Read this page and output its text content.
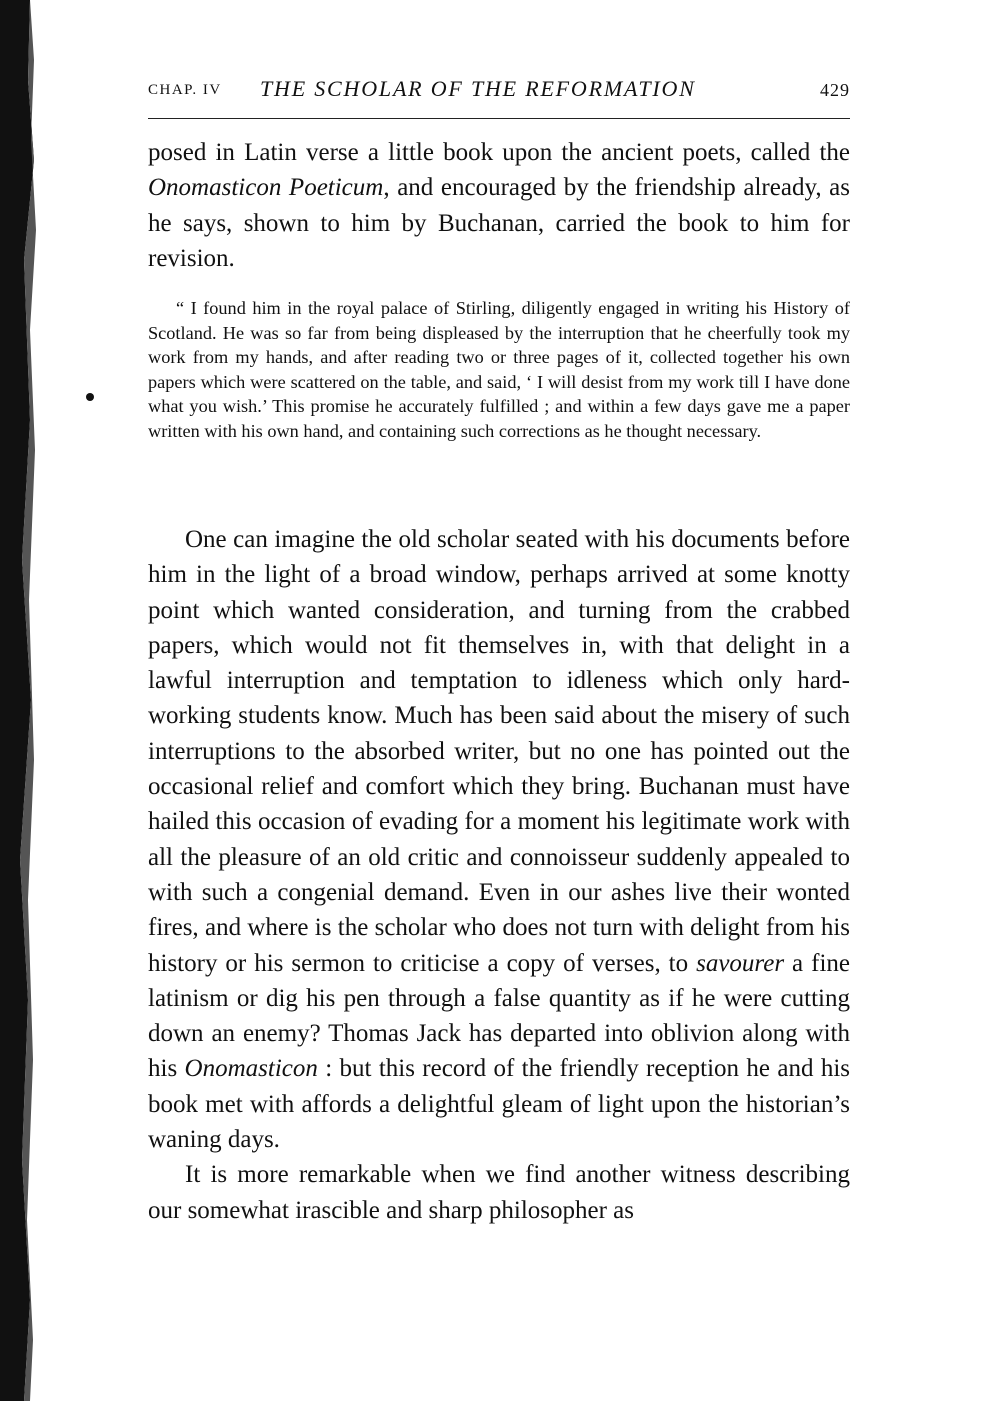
CHAP. IV THE SCHOLAR OF THE REFORMATION	429

posed in Latin verse a little book upon the ancient poets, called the Onomasticon Poeticum, and encouraged by the friendship already, as he says, shown to him by Buchanan, carried the book to him for revision.

“ I found him in the royal palace of Stirling, diligently engaged in writing his History of Scotland. He was so far from being displeased by the interruption that he cheerfully took my work from my hands, and after reading two or three pages of it, collected together his own papers which were scattered on the table, and said, ‘ I will desist from my work till I have done what you wish.’ This promise he accurately fulfilled ; and within a few days gave me a paper written with his own hand, and containing such corrections as he thought necessary.

One can imagine the old scholar seated with his documents before him in the light of a broad window, perhaps arrived at some knotty point which wanted consideration, and turning from the crabbed papers, which would not fit themselves in, with that delight in a lawful interruption and temptation to idleness which only hard-working students know. Much has been said about the misery of such interruptions to the absorbed writer, but no one has pointed out the occasional relief and comfort which they bring. Buchanan must have hailed this occasion of evading for a moment his legitimate work with all the pleasure of an old critic and connoisseur suddenly appealed to with such a congenial demand. Even in our ashes live their wonted fires, and where is the scholar who does not turn with delight from his history or his sermon to criticise a copy of verses, to savourer a fine latinism or dig his pen through a false quantity as if he were cutting down an enemy? Thomas Jack has departed into oblivion along with his Onomasticon : but this record of the friendly reception he and his book met with affords a delightful gleam of light upon the historian’s waning days.

It is more remarkable when we find another witness describing our somewhat irascible and sharp philosopher as
